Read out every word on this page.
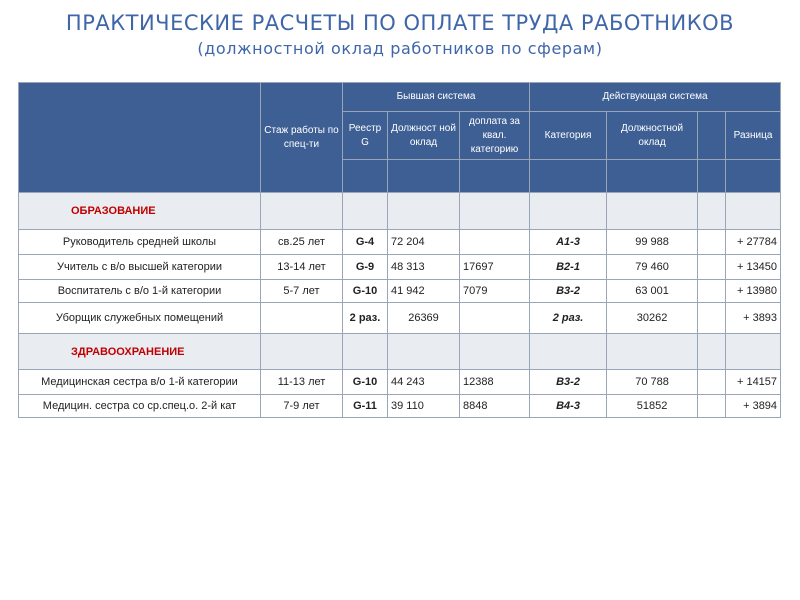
ПРАКТИЧЕСКИЕ РАСЧЕТЫ ПО ОПЛАТЕ ТРУДА РАБОТНИКОВ
(должностной оклад работников по сферам)
	Стаж работы по спец-ти	Бывшая система			Действующая система			
		Реестр G	Должност ной оклад	доплата за квал. категорию	Категория	Должностной оклад		Разница

ОБРАЗОВАНИЕ								
Руководитель средней школы	св.25 лет	G-4	72 204		А1-3	99 988		+ 27784
Учитель с в/о высшей категории	13-14 лет	G-9	48 313	17697	В2-1	79 460		+ 13450
Воспитатель с в/о 1-й категории	5-7 лет	G-10	41 942	7079	В3-2	63 001		+ 13980
Уборщик служебных помещений		2 раз.	26369		2 раз.	30262		+ 3893
ЗДРАВООХРАНЕНИЕ								
Медицинская сестра в/о 1-й категории	11-13 лет	G-10	44 243	12388	В3-2	70 788		+ 14157
Медицин. сестра со ср.спец.о. 2-й кат	7-9 лет	G-11	39 110	8848	В4-3	51852		+ 3894
